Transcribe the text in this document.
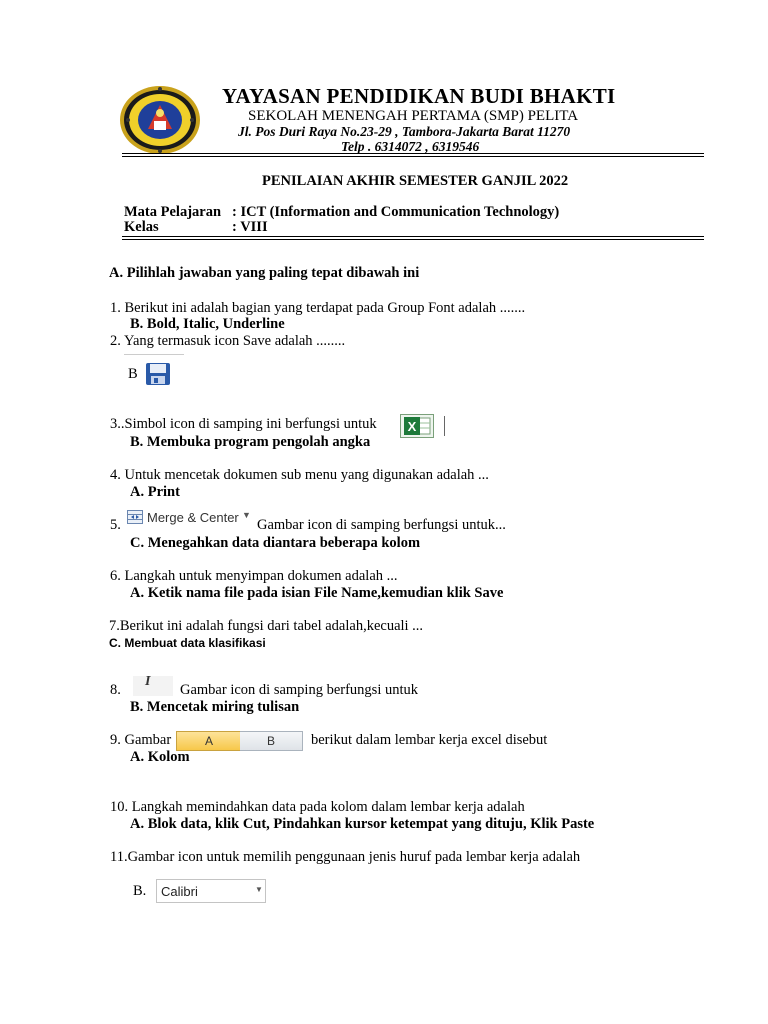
YAYASAN PENDIDIKAN BUDI BHAKTI
SEKOLAH MENENGAH PERTAMA (SMP) PELITA
Jl. Pos Duri Raya No.23-29 , Tambora-Jakarta Barat 11270
Telp . 6314072 , 6319546
PENILAIAN AKHIR SEMESTER GANJIL 2022
Mata Pelajaran : ICT (Information and Communication Technology)
Kelas	: VIII
A. Pilihlah jawaban yang paling tepat dibawah ini
1. Berikut ini adalah bagian yang terdapat pada Group Font adalah .......
B. Bold, Italic, Underline
2. Yang termasuk icon Save adalah ........
B
3..Simbol icon di samping ini berfungsi untuk X
B. Membuka program pengolah angka
4. Untuk mencetak dokumen sub menu yang digunakan adalah ...
A. Print
5. Merge & Center ▼
Gambar icon di samping berfungsi untuk...
C. Menegahkan data diantara beberapa kolom
6. Langkah untuk menyimpan dokumen adalah ...
A. Ketik nama file pada isian File Name,kemudian klik Save
7.Berikut ini adalah fungsi dari tabel adalah,kecuali ...
C. Membuat data klasifikasi
8.
I
Gambar icon di samping berfungsi untuk
B. Mencetak miring tulisan
9. Gambar	A	B	berikut dalam lembar kerja excel disebut
A. Kolom
10. Langkah memindahkan data pada kolom dalam lembar kerja adalah
A. Blok data, klik Cut, Pindahkan kursor ketempat yang dituju, Klik Paste
11.Gambar icon untuk memilih penggunaan jenis huruf pada lembar kerja adalah
B. Calibri	▼
